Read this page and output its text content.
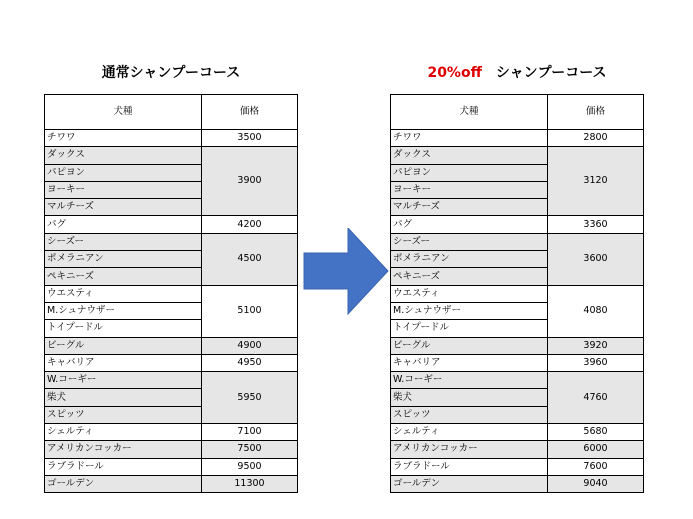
通常シャンプーコース	20%off　シャンプーコース
犬種	価格
チワワ	3500
ダックス	3900
パピヨン	
ヨーキー	
マルチーズ	
パグ	4200
シーズー	4500
ポメラニアン	
ペキニーズ	
ウエスティ	5100
M.シュナウザー	
トイプードル	
ビーグル	4900
キャバリア	4950
W.コーギー	5950
柴犬	
スピッツ	
シェルティ	7100
アメリカンコッカー	7500
ラブラドール	9500
ゴールデン	11300
犬種	価格
チワワ	2800
ダックス	3120
パピヨン	
ヨーキー	
マルチーズ	
パグ	3360
シーズー	3600
ポメラニアン	
ペキニーズ	
ウエスティ	4080
M.シュナウザー	
トイプードル	
ビーグル	3920
キャバリア	3960
W.コーギー	4760
柴犬	
スピッツ	
シェルティ	5680
アメリカンコッカー	6000
ラブラドール	7600
ゴールデン	9040
